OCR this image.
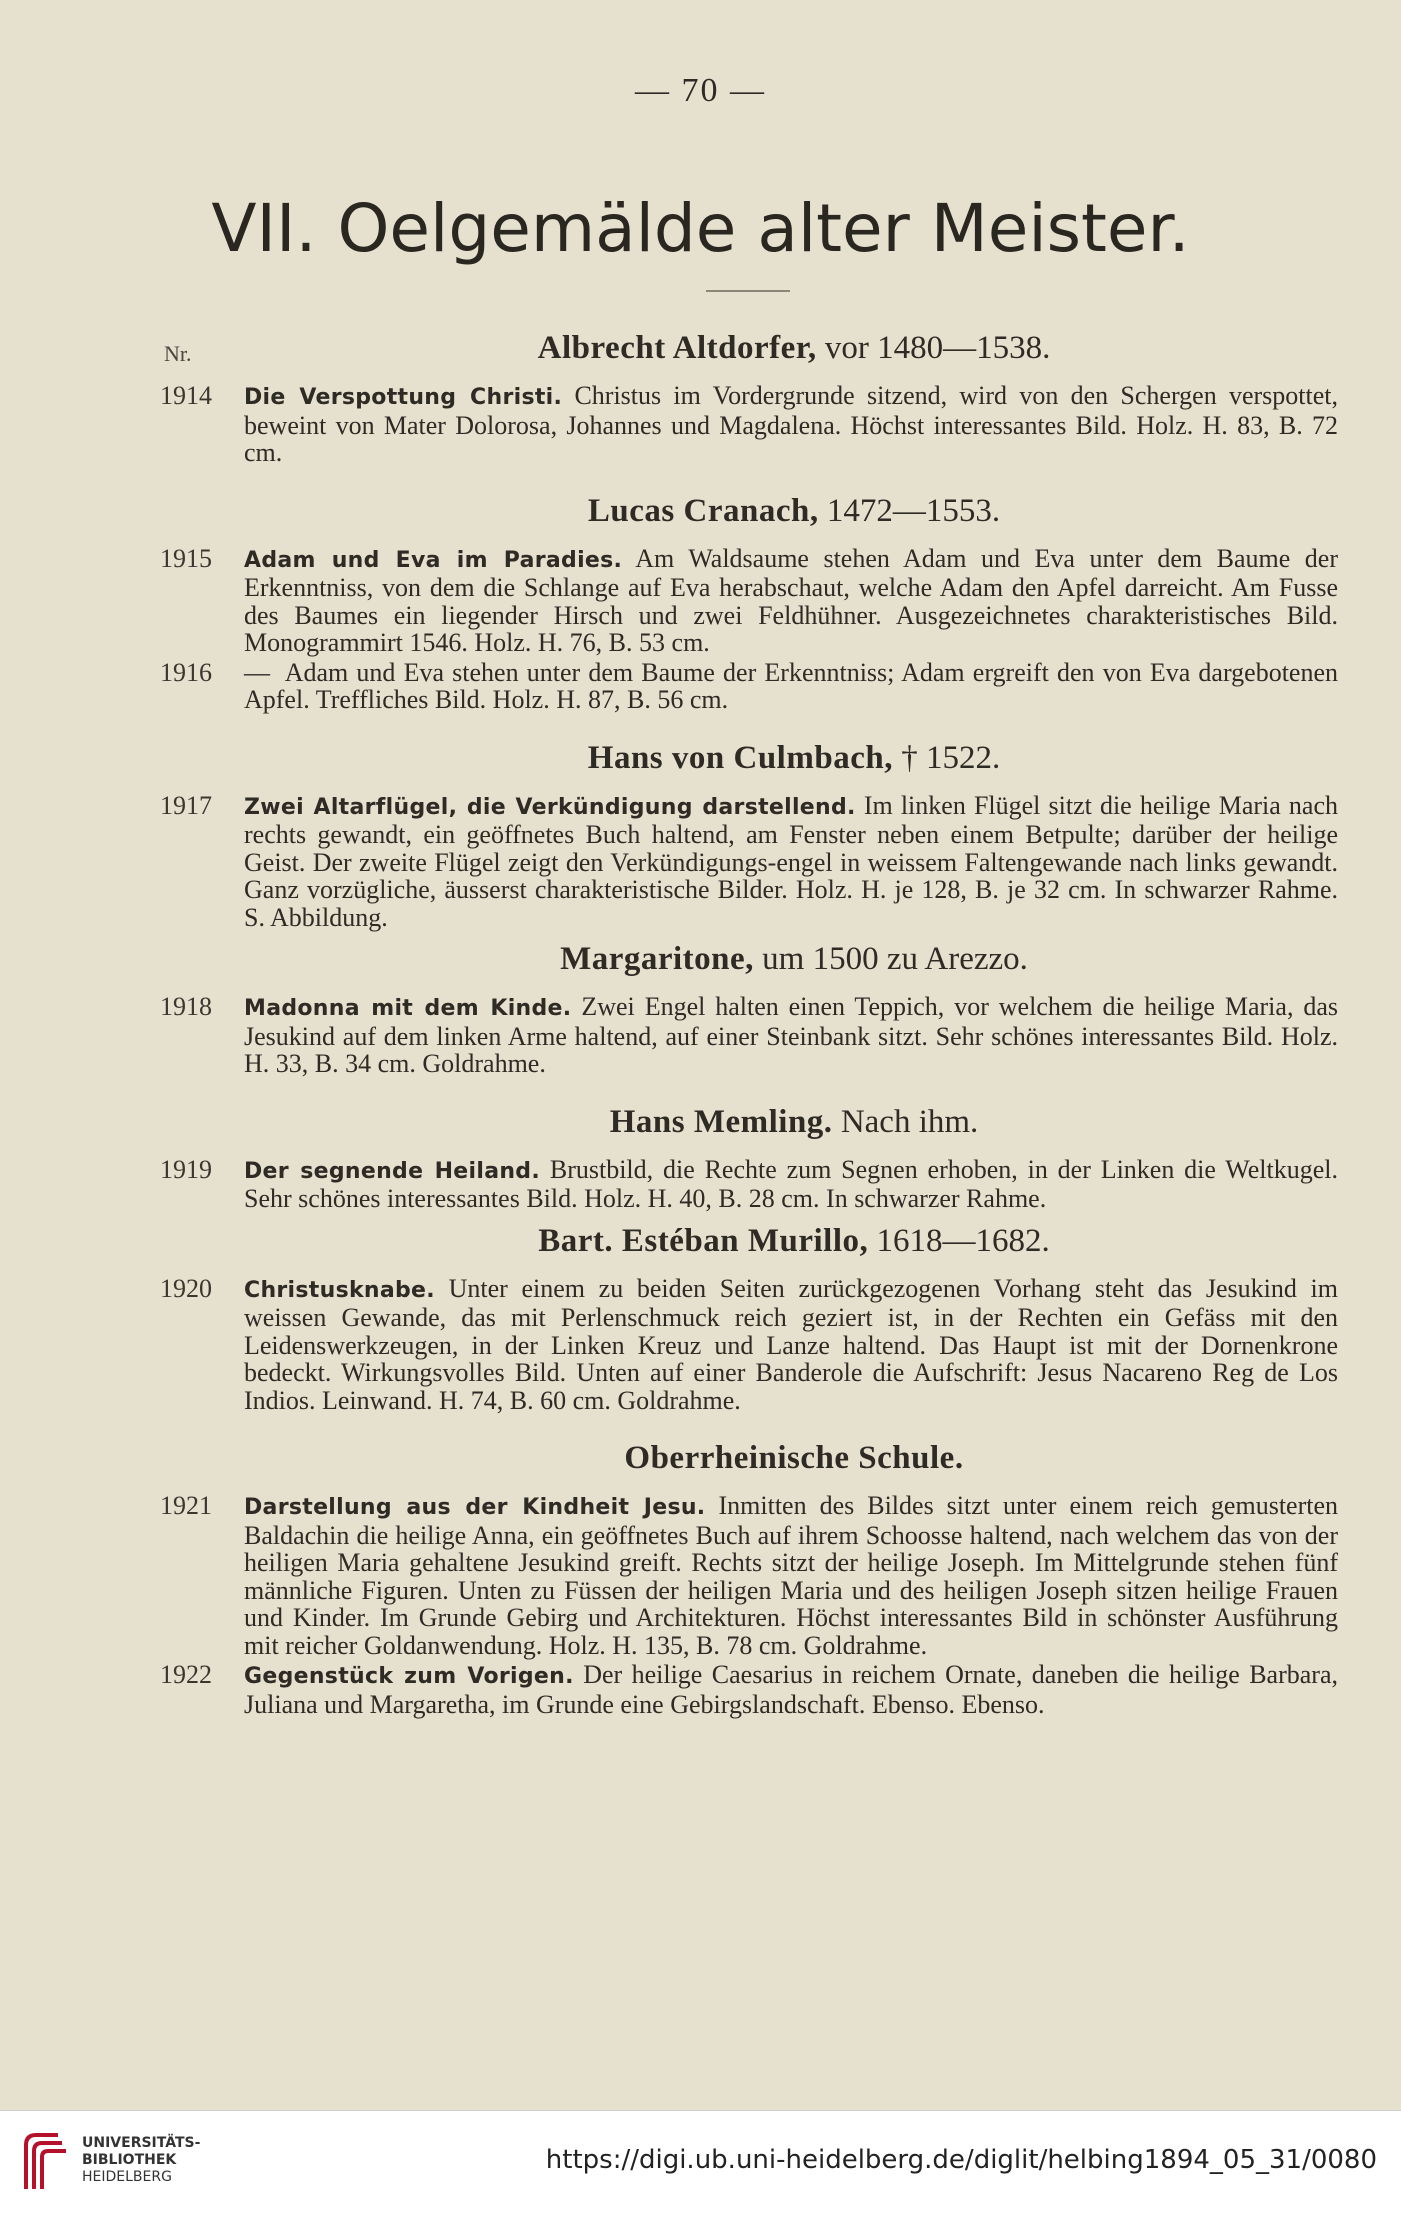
— 70 —
VII. Oelgemälde alter Meister.
Nr.	Albrecht Altdorfer, vor 1480—1538.
1914	Die Verspottung Christi. Christus im Vordergrunde sitzend, wird von den Schergen verspottet, beweint von Mater Dolorosa, Johannes und Magdalena. Höchst interessantes Bild. Holz. H. 83, B. 72 cm.
Lucas Cranach, 1472—1553.
1915	Adam und Eva im Paradies. Am Waldsaume stehen Adam und Eva unter dem Baume der Erkenntniss, von dem die Schlange auf Eva herabschaut, welche Adam den Apfel darreicht. Am Fusse des Baumes ein liegender Hirsch und zwei Feldhühner. Ausgezeichnetes charakteristisches Bild. Monogrammirt 1546. Holz. H. 76, B. 53 cm.
1916	— Adam und Eva stehen unter dem Baume der Erkenntniss; Adam ergreift den von Eva dargebotenen Apfel. Treffliches Bild. Holz. H. 87, B. 56 cm.
Hans von Culmbach, † 1522.
1917	Zwei Altarflügel, die Verkündigung darstellend. Im linken Flügel sitzt die heilige Maria nach rechts gewandt, ein geöffnetes Buch haltend, am Fenster neben einem Betpulte; darüber der heilige Geist. Der zweite Flügel zeigt den Verkündigungs-engel in weissem Faltengewande nach links gewandt. Ganz vorzügliche, äusserst charakteristische Bilder. Holz. H. je 128, B. je 32 cm. In schwarzer Rahme. S. Abbildung.
Margaritone, um 1500 zu Arezzo.
1918	Madonna mit dem Kinde. Zwei Engel halten einen Teppich, vor welchem die heilige Maria, das Jesukind auf dem linken Arme haltend, auf einer Steinbank sitzt. Sehr schönes interessantes Bild. Holz. H. 33, B. 34 cm. Goldrahme.
Hans Memling. Nach ihm.
1919	Der segnende Heiland. Brustbild, die Rechte zum Segnen erhoben, in der Linken die Weltkugel. Sehr schönes interessantes Bild. Holz. H. 40, B. 28 cm. In schwarzer Rahme.
Bart. Estéban Murillo, 1618—1682.
1920	Christusknabe. Unter einem zu beiden Seiten zurückgezogenen Vorhang steht das Jesukind im weissen Gewande, das mit Perlenschmuck reich geziert ist, in der Rechten ein Gefäss mit den Leidenswerkzeugen, in der Linken Kreuz und Lanze haltend. Das Haupt ist mit der Dornenkrone bedeckt. Wirkungsvolles Bild. Unten auf einer Banderole die Aufschrift: Jesus Nacareno Reg de Los Indios. Leinwand. H. 74, B. 60 cm. Goldrahme.
Oberrheinische Schule.
1921	Darstellung aus der Kindheit Jesu. Inmitten des Bildes sitzt unter einem reich gemusterten Baldachin die heilige Anna, ein geöffnetes Buch auf ihrem Schoosse haltend, nach welchem das von der heiligen Maria gehaltene Jesukind greift. Rechts sitzt der heilige Joseph. Im Mittelgrunde stehen fünf männliche Figuren. Unten zu Füssen der heiligen Maria und des heiligen Joseph sitzen heilige Frauen und Kinder. Im Grunde Gebirg und Architekturen. Höchst interessantes Bild in schönster Ausführung mit reicher Goldanwendung. Holz. H. 135, B. 78 cm. Goldrahme.
1922	Gegenstück zum Vorigen. Der heilige Caesarius in reichem Ornate, daneben die heilige Barbara, Juliana und Margaretha, im Grunde eine Gebirgslandschaft. Ebenso. Ebenso.
UNIVERSITÄTS-
BIBLIOTHEK
HEIDELBERG
https://digi.ub.uni-heidelberg.de/diglit/helbing1894_05_31/0080
